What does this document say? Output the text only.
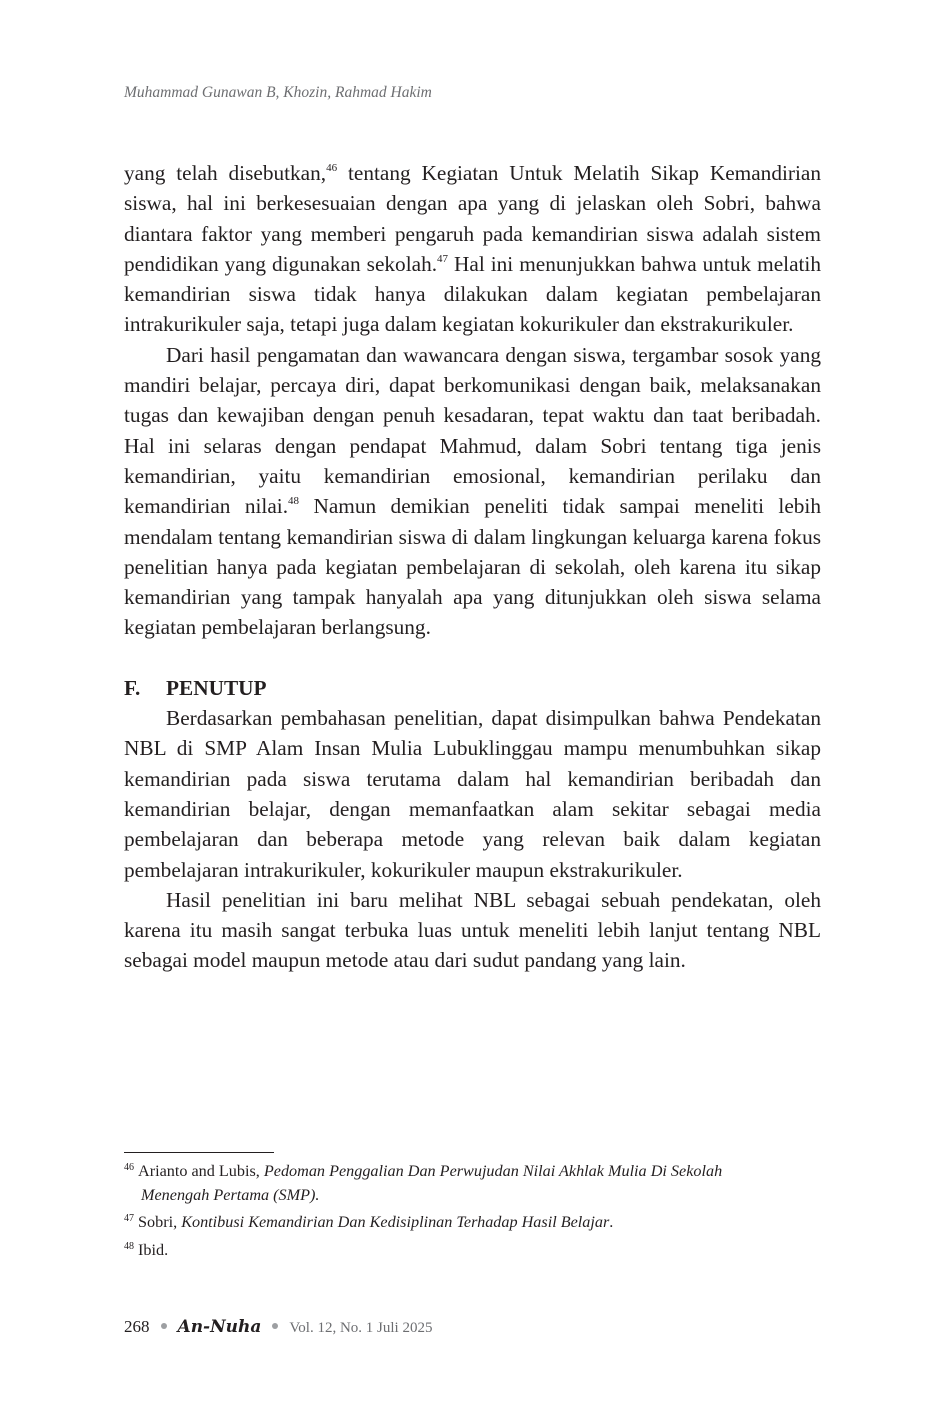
Muhammad Gunawan B, Khozin, Rahmad Hakim

yang telah disebutkan,$^{46}$ tentang Kegiatan Untuk Melatih Sikap Kemandirian siswa, hal ini berkesesuaian dengan apa yang di jelaskan oleh Sobri, bahwa diantara faktor yang memberi pengaruh pada kemandirian siswa adalah sistem pendidikan yang digunakan sekolah.$^{47}$ Hal ini menunjukkan bahwa untuk melatih kemandirian siswa tidak hanya dilakukan dalam kegiatan pembelajaran intrakurikuler saja, tetapi juga dalam kegiatan kokurikuler dan ekstrakurikuler.

Dari hasil pengamatan dan wawancara dengan siswa, tergambar sosok yang mandiri belajar, percaya diri, dapat berkomunikasi dengan baik, melaksanakan tugas dan kewajiban dengan penuh kesadaran, tepat waktu dan taat beribadah. Hal ini selaras dengan pendapat Mahmud, dalam Sobri tentang tiga jenis kemandirian, yaitu kemandirian emosional, kemandirian perilaku dan kemandirian nilai.$^{48}$ Namun demikian peneliti tidak sampai meneliti lebih mendalam tentang kemandirian siswa di dalam lingkungan keluarga karena fokus penelitian hanya pada kegiatan pembelajaran di sekolah, oleh karena itu sikap kemandirian yang tampak hanyalah apa yang ditunjukkan oleh siswa selama kegiatan pembelajaran berlangsung.

F. PENUTUP

Berdasarkan pembahasan penelitian, dapat disimpulkan bahwa Pendekatan NBL di SMP Alam Insan Mulia Lubuklinggau mampu menumbuhkan sikap kemandirian pada siswa terutama dalam hal kemandirian beribadah dan kemandirian belajar, dengan memanfaatkan alam sekitar sebagai media pembelajaran dan beberapa metode yang relevan baik dalam kegiatan pembelajaran intrakurikuler, kokurikuler maupun ekstrakurikuler.

Hasil penelitian ini baru melihat NBL sebagai sebuah pendekatan, oleh karena itu masih sangat terbuka luas untuk meneliti lebih lanjut tentang NBL sebagai model maupun metode atau dari sudut pandang yang lain.

$^{46}$ Arianto and Lubis, Pedoman Penggalian Dan Perwujudan Nilai Akhlak Mulia Di Sekolah
Menengah Pertama (SMP).
$^{47}$ Sobri, Kontibusi Kemandirian Dan Kedisiplinan Terhadap Hasil Belajar.
$^{48}$ Ibid.
268 An-Nuha Vol. 12, No. 1 Juli 2025
